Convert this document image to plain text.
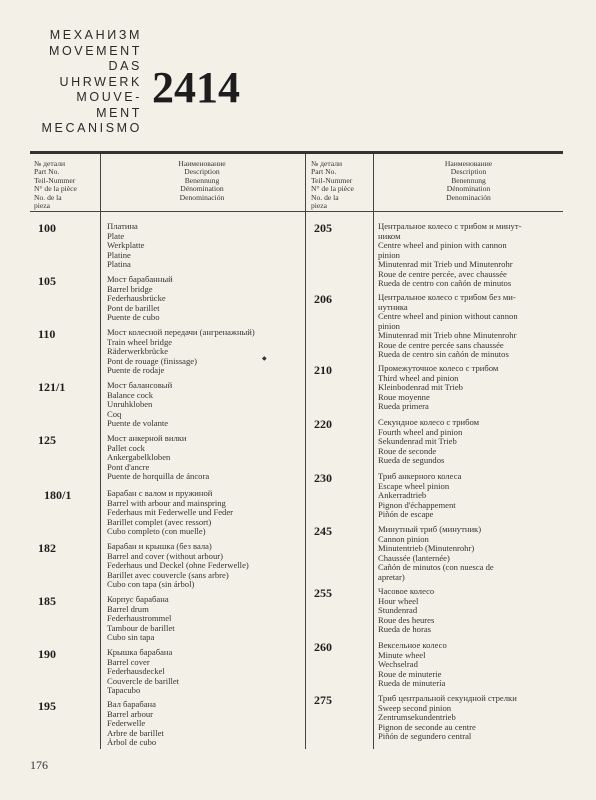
МЕХАНИЗМ
MOVEMENT
DAS
UHRWERK
MOUVE-
MENT
MECANISMO
2414
№ детали
Part No.
Teil-Nummer
N° de la pièce
No. de la
pieza
Наименование
Description
Benennung
Dénomination
Denominación
№ детали
Part No.
Teil-Nummer
N° de la pièce
No. de la
pieza
Наименование
Description
Benennung
Dénomination
Denominación
100	Платина
Plate
Werkplatte
Platine
Platina
105	Мост барабанный
Barrel bridge
Federhausbrücke
Pont de barillet
Puente de cubo
110	Мост колесной передачи (ангренажный)
Train wheel bridge
Räderwerkbrücke
Pont de rouage (finissage)
Puente de rodaje
121/1	Мост балансовый
Balance cock
Unruhkloben
Coq
Puente de volante
125	Мост анкерной вилки
Pallet cock
Ankergabelkloben
Pont d'ancre
Puente de horquilla de áncora
180/1	Барабан с валом и пружиной
Barrel with arbour and mainspring
Federhaus mit Federwelle und Feder
Barillet complet (avec ressort)
Cubo completo (con muelle)
182	Барабан и крышка (без вала)
Barrel and cover (without arbour)
Federhaus und Deckel (ohne Federwelle)
Barillet avec couvercle (sans arbre)
Cubo con tapa (sin árbol)
185	Корпус барабана
Barrel drum
Federhaustrommel
Tambour de barillet
Cubo sin tapa
190	Крышка барабана
Barrel cover
Federhausdeckel
Couvercle de barillet
Tapacubo
195	Вал барабана
Barrel arbour
Federwelle
Arbre de barillet
Árbol de cubo
205	Центральное колесо с трибом и минут-
ником
Centre wheel and pinion with cannon
pinion
Minutenrad mit Trieb und Minutenrohr
Roue de centre percée, avec chaussée
Rueda de centro con cañón de minutos
206	Центральное колесо с трибом без ми-
нутника
Centre wheel and pinion without cannon
pinion
Minutenrad mit Trieb ohne Minutenrohr
Roue de centre percée sans chaussée
Rueda de centro sin cañón de minutos
210	Промежуточное колесо с трибом
Third wheel and pinion
Kleinbodenrad mit Trieb
Roue moyenne
Rueda primera
220	Секундное колесо с трибом
Fourth wheel and pinion
Sekundenrad mit Trieb
Roue de seconde
Rueda de segundos
230	Триб анкерного колеса
Escape wheel pinion
Ankerradtrieb
Pignon d'échappement
Piñón de escape
245	Минутный триб (минутник)
Cannon pinion
Minutentrieb (Minutenrohr)
Chaussée (lanternée)
Cañón de minutos (con nuesca de
apretar)
255	Часовое колесо
Hour wheel
Stundenrad
Roue des heures
Rueda de horas
260	Вексельное колесо
Minute wheel
Wechselrad
Roue de minuterie
Rueda de minutería
275	Триб центральной секундной стрелки
Sweep second pinion
Zentrumsekundentrieb
Pignon de seconde au centre
Piñón de segundero central
◆
176
